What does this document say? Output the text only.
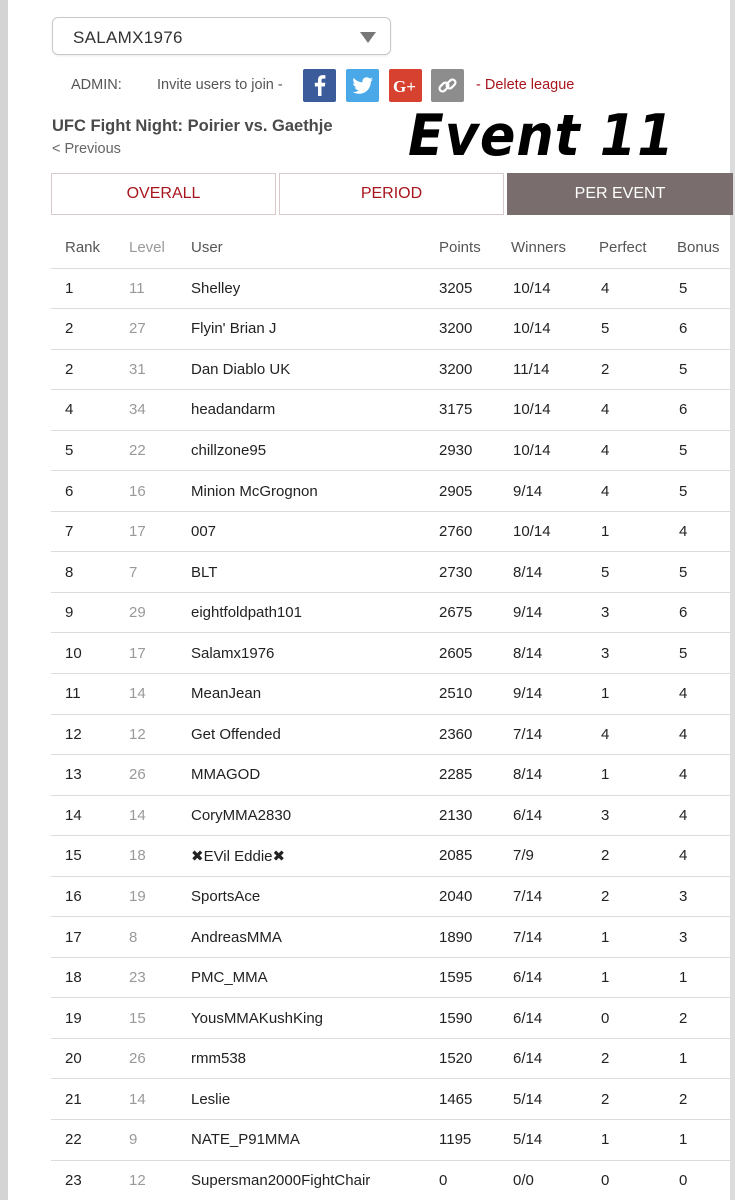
SALAMX1976
ADMIN: Invite users to join -	G+	- Delete league
UFC Fight Night: Poirier vs. Gaethje
< Previous	Event 11
OVERALL	PERIOD	PER EVENT
Rank	Level	User	Points	Winners	Perfect	Bonus
1	11	Shelley	3205	10/14	4	5
2	27	Flyin' Brian J	3200	10/14	5	6
2	31	Dan Diablo UK	3200	11/14	2	5
4	34	headandarm	3175	10/14	4	6
5	22	chillzone95	2930	10/14	4	5
6	16	Minion McGrognon	2905	9/14	4	5
7	17	007	2760	10/14	1	4
8	7	BLT	2730	8/14	5	5
9	29	eightfoldpath101	2675	9/14	3	6
10	17	Salamx1976	2605	8/14	3	5
11	14	MeanJean	2510	9/14	1	4
12	12	Get Offended	2360	7/14	4	4
13	26	MMAGOD	2285	8/14	1	4
14	14	CoryMMA2830	2130	6/14	3	4
15	18	✖EVil Eddie✖	2085	7/9	2	4
16	19	SportsAce	2040	7/14	2	3
17	8	AndreasMMA	1890	7/14	1	3
18	23	PMC_MMA	1595	6/14	1	1
19	15	YousMMAKushKing	1590	6/14	0	2
20	26	rmm538	1520	6/14	2	1
21	14	Leslie	1465	5/14	2	2
22	9	NATE_P91MMA	1195	5/14	1	1
23	12	Supersman2000FightChair	0	0/0	0	0
